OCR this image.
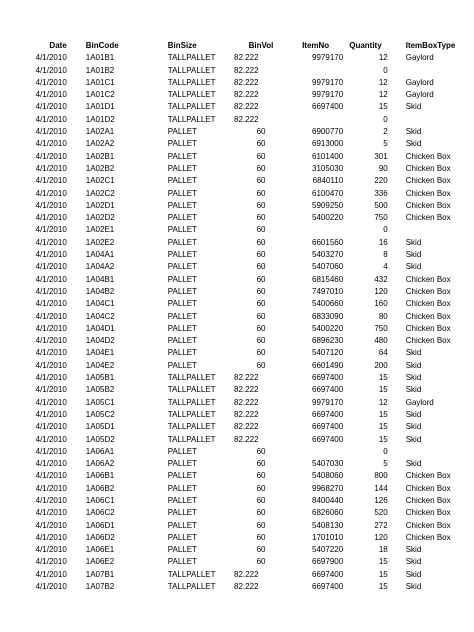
Date	BinCode	BinSize	BinVol	ItemNo	Quantity	ItemBoxType
4/1/2010	1A01B1	TALLPALLET	82.222	9979170	12	Gaylord
4/1/2010	1A01B2	TALLPALLET	82.222		0	
4/1/2010	1A01C1	TALLPALLET	82.222	9979170	12	Gaylord
4/1/2010	1A01C2	TALLPALLET	82.222	9979170	12	Gaylord
4/1/2010	1A01D1	TALLPALLET	82.222	6697400	15	Skid
4/1/2010	1A01D2	TALLPALLET	82.222		0	
4/1/2010	1A02A1	PALLET	60	6900770	2	Skid
4/1/2010	1A02A2	PALLET	60	6913000	5	Skid
4/1/2010	1A02B1	PALLET	60	6101400	301	Chicken Box
4/1/2010	1A02B2	PALLET	60	3105030	90	Chicken Box
4/1/2010	1A02C1	PALLET	60	6840110	220	Chicken Box
4/1/2010	1A02C2	PALLET	60	6100470	336	Chicken Box
4/1/2010	1A02D1	PALLET	60	5909250	500	Chicken Box
4/1/2010	1A02D2	PALLET	60	5400220	750	Chicken Box
4/1/2010	1A02E1	PALLET	60		0	
4/1/2010	1A02E2	PALLET	60	6601560	16	Skid
4/1/2010	1A04A1	PALLET	60	5403270	8	Skid
4/1/2010	1A04A2	PALLET	60	5407060	4	Skid
4/1/2010	1A04B1	PALLET	60	6815460	432	Chicken Box
4/1/2010	1A04B2	PALLET	60	7497010	120	Chicken Box
4/1/2010	1A04C1	PALLET	60	5400660	160	Chicken Box
4/1/2010	1A04C2	PALLET	60	6833090	80	Chicken Box
4/1/2010	1A04D1	PALLET	60	5400220	750	Chicken Box
4/1/2010	1A04D2	PALLET	60	6896230	480	Chicken Box
4/1/2010	1A04E1	PALLET	60	5407120	64	Skid
4/1/2010	1A04E2	PALLET	60	6601490	200	Skid
4/1/2010	1A05B1	TALLPALLET	82.222	6697400	15	Skid
4/1/2010	1A05B2	TALLPALLET	82.222	6697400	15	Skid
4/1/2010	1A05C1	TALLPALLET	82.222	9979170	12	Gaylord
4/1/2010	1A05C2	TALLPALLET	82.222	6697400	15	Skid
4/1/2010	1A05D1	TALLPALLET	82.222	6697400	15	Skid
4/1/2010	1A05D2	TALLPALLET	82.222	6697400	15	Skid
4/1/2010	1A06A1	PALLET	60		0	
4/1/2010	1A06A2	PALLET	60	5407030	5	Skid
4/1/2010	1A06B1	PALLET	60	5408060	800	Chicken Box
4/1/2010	1A06B2	PALLET	60	9968270	144	Chicken Box
4/1/2010	1A06C1	PALLET	60	8400440	126	Chicken Box
4/1/2010	1A06C2	PALLET	60	6826060	520	Chicken Box
4/1/2010	1A06D1	PALLET	60	5408130	272	Chicken Box
4/1/2010	1A06D2	PALLET	60	1701010	120	Chicken Box
4/1/2010	1A06E1	PALLET	60	5407220	18	Skid
4/1/2010	1A06E2	PALLET	60	6697900	15	Skid
4/1/2010	1A07B1	TALLPALLET	82.222	6697400	15	Skid
4/1/2010	1A07B2	TALLPALLET	82.222	6697400	15	Skid
